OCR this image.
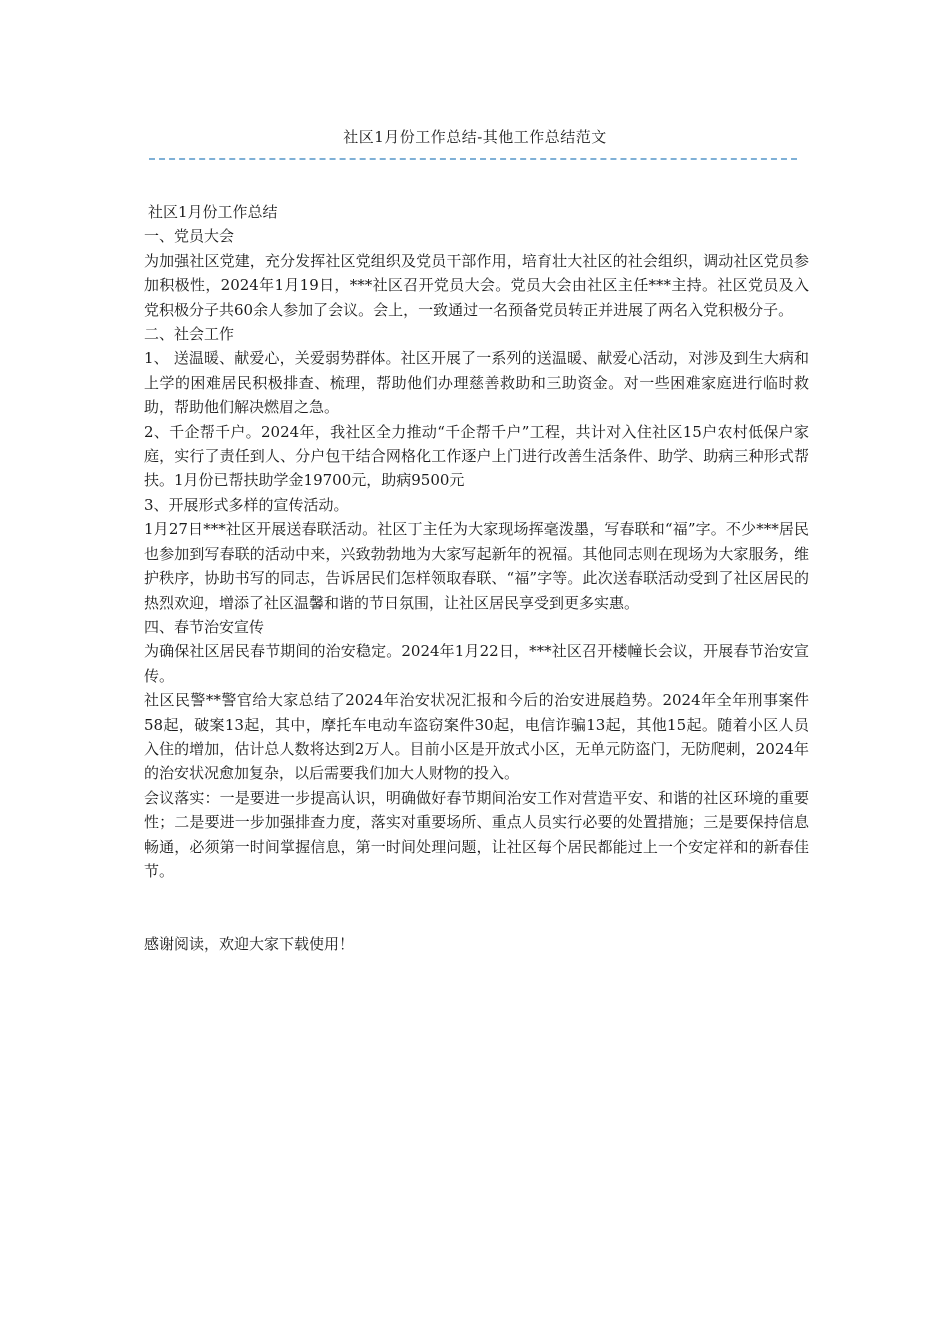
社区1月份工作总结-其他工作总结范文

社区1月份工作总结

一、党员大会

为加强社区党建，充分发挥社区党组织及党员干部作用，培育壮大社区的社会组织，调动社区党员参加积极性，2024年1月19日，***社区召开党员大会。党员大会由社区主任***主持。社区党员及入党积极分子共60余人参加了会议。会上，一致通过一名预备党员转正并进展了两名入党积极分子。

二、社会工作

1、 送温暖、献爱心，关爱弱势群体。社区开展了一系列的送温暖、献爱心活动，对涉及到生大病和上学的困难居民积极排查、梳理，帮助他们办理慈善救助和三助资金。对一些困难家庭进行临时救助，帮助他们解决燃眉之急。

2、千企帮千户。2024年，我社区全力推动“千企帮千户”工程，共计对入住社区15户农村低保户家庭，实行了责任到人、分户包干结合网格化工作逐户上门进行改善生活条件、助学、助病三种形式帮扶。1月份已帮扶助学金19700元，助病9500元

3、开展形式多样的宣传活动。

1月27日***社区开展送春联活动。社区丁主任为大家现场挥毫泼墨，写春联和“福”字。不少***居民也参加到写春联的活动中来，兴致勃勃地为大家写起新年的祝福。其他同志则在现场为大家服务，维护秩序，协助书写的同志，告诉居民们怎样领取春联、“福”字等。此次送春联活动受到了社区居民的热烈欢迎，增添了社区温馨和谐的节日氛围，让社区居民享受到更多实惠。

四、春节治安宣传

为确保社区居民春节期间的治安稳定。2024年1月22日，***社区召开楼幢长会议，开展春节治安宣传。

社区民警**警官给大家总结了2024年治安状况汇报和今后的治安进展趋势。2024年全年刑事案件58起，破案13起，其中，摩托车电动车盗窃案件30起，电信诈骗13起，其他15起。随着小区人员入住的增加，估计总人数将达到2万人。目前小区是开放式小区，无单元防盗门，无防爬刺，2024年的治安状况愈加复杂，以后需要我们加大人财物的投入。

会议落实：一是要进一步提高认识，明确做好春节期间治安工作对营造平安、和谐的社区环境的重要性；二是要进一步加强排查力度，落实对重要场所、重点人员实行必要的处置措施；三是要保持信息畅通，必须第一时间掌握信息，第一时间处理问题，让社区每个居民都能过上一个安定祥和的新春佳节。

感谢阅读，欢迎大家下载使用！
